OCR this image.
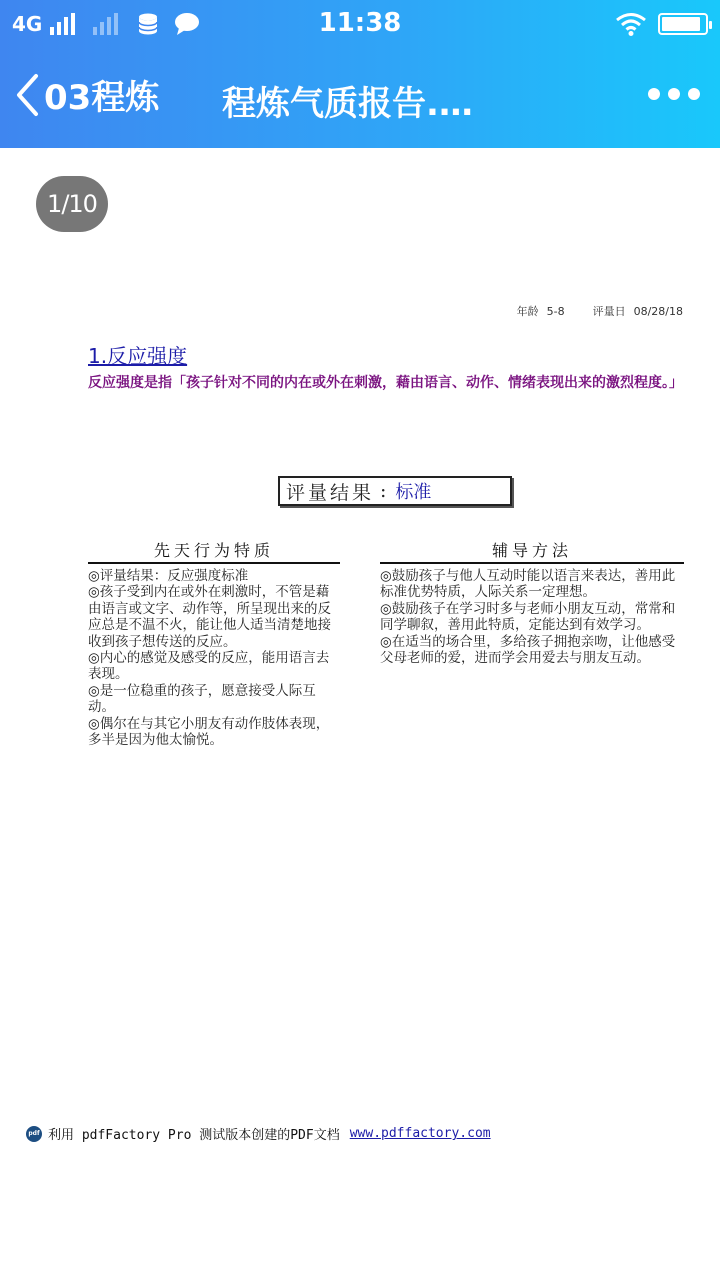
4G	11:38
03程炼 程炼气质报告.…
年龄 5-8	评量日 08/28/18
1.反应强度
反应强度是指「孩子针对不同的内在或外在刺激，藉由语言、动作、情绪表现出来的激烈程度。」
评量结果 : 标准
先天行为特质

◎评量结果：反应强度标准

◎孩子受到内在或外在刺激时，不管是藉由语言或文字、动作等，所呈现出来的反应总是不温不火，能让他人适当清楚地接收到孩子想传送的反应。

◎内心的感觉及感受的反应，能用语言去表现。

◎是一位稳重的孩子，愿意接受人际互动。

◎偶尔在与其它小朋友有动作肢体表现，多半是因为他太愉悦。

辅导方法

◎鼓励孩子与他人互动时能以语言来表达，善用此标准优势特质，人际关系一定理想。

◎鼓励孩子在学习时多与老师小朋友互动，常常和同学聊叙，善用此特质，定能达到有效学习。

◎在适当的场合里，多给孩子拥抱亲吻，让他感受父母老师的爱，进而学会用爱去与朋友互动。

pdf 利用 pdfFactory Pro 测试版本创建的PDF文档 www.pdffactory.com
1/10
